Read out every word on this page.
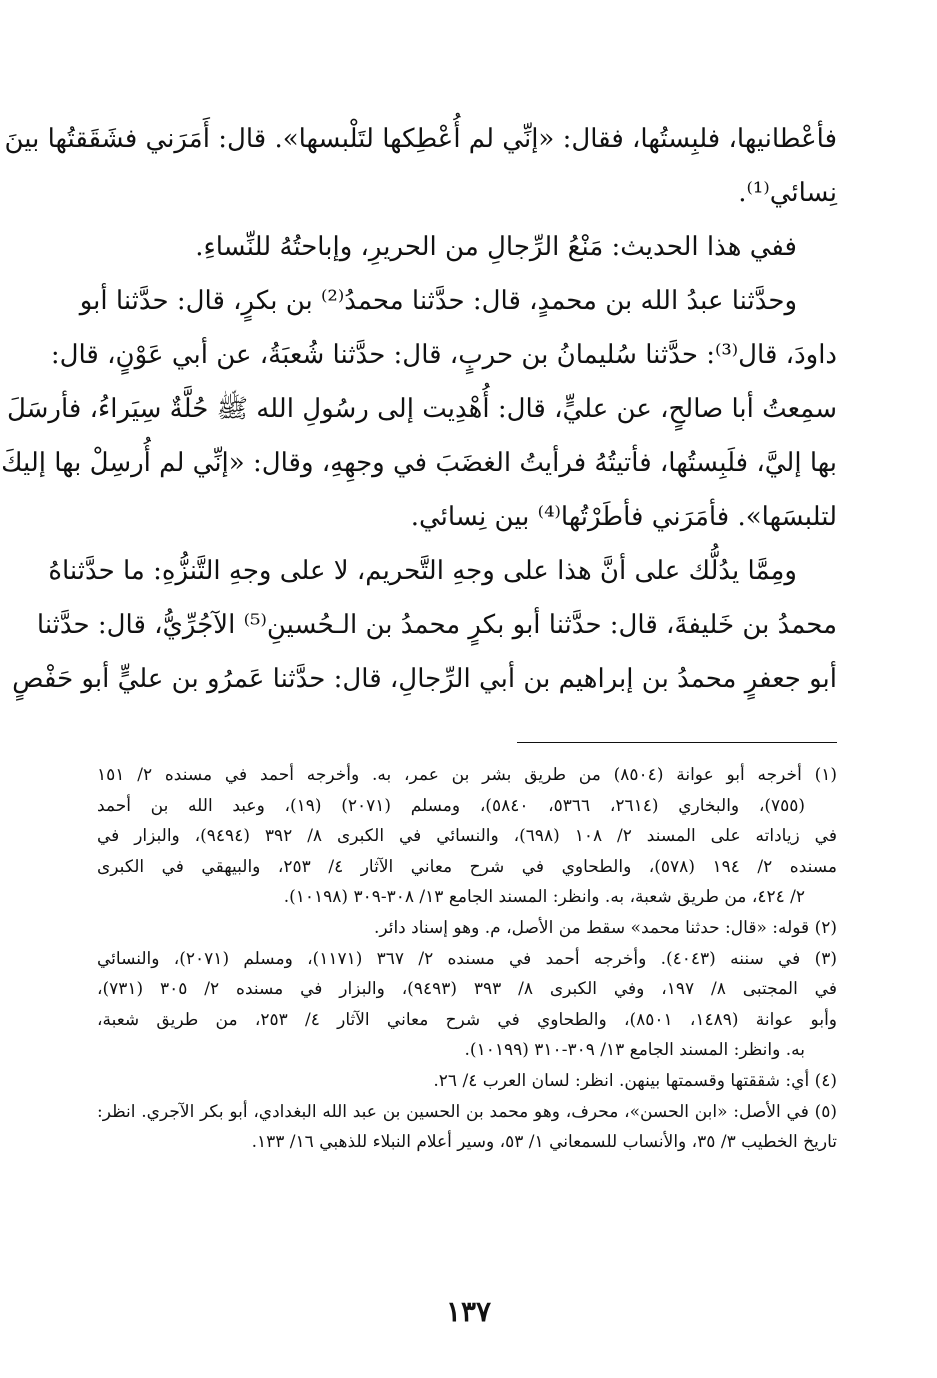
فأعْطانيها، فلبِستُها، فقال: «إنِّي لم أُعْطِكها لتَلْبسها». قال: أَمَرَني فشَقَقتُها بينَ
نِسائي⁽¹⁾.
ففي هذا الحديث: مَنْعُ الرِّجالِ من الحريرِ، وإباحتُهُ للنِّساءِ.
وحدَّثنا عبدُ الله بن محمدٍ، قال: حدَّثنا محمدُ⁽²⁾ بن بكرٍ، قال: حدَّثنا أبو
داودَ، قال⁽³⁾: حدَّثنا سُليمانُ بن حربٍ، قال: حدَّثنا شُعبَةُ، عن أبي عَوْنٍ، قال:
سمِعتُ أبا صالحٍ، عن عليٍّ، قال: أُهْدِيت إلى رسُولِ الله ﷺ حُلَّةٌ سِيَراءُ، فأرسَلَ
بها إليَّ، فلَبِستُها، فأتيتُهُ فرأيتُ الغضَبَ في وجهِهِ، وقال: «إنِّي لم أُرسِلْ بها إليكَ
لتلبسَها». فأمَرَني فأطَرْتُها⁽⁴⁾ بين نِسائي.
ومِمَّا يدُلُّك على أنَّ هذا على وجهِ التَّحريم، لا على وجهِ التَّنزُّهِ: ما حدَّثناهُ
محمدُ بن خَليفةَ، قال: حدَّثنا أبو بكرٍ محمدُ بن الـحُسينِ⁽⁵⁾ الآجُرِّيُّ، قال: حدَّثنا
أبو جعفرٍ محمدُ بن إبراهيم بن أبي الرِّجالِ، قال: حدَّثنا عَمرُو بن عليٍّ أبو حَفْصٍ
(١) أخرجه أبو عوانة (٨٥٠٤) من طريق بشر بن عمر، به. وأخرجه أحمد في مسنده ٢/ ١٥١
(٧٥٥)، والبخاري (٢٦١٤، ٥٣٦٦، ٥٨٤٠)، ومسلم (٢٠٧١) (١٩)، وعبد الله بن أحمد
في زياداته على المسند ٢/ ١٠٨ (٦٩٨)، والنسائي في الكبرى ٨/ ٣٩٢ (٩٤٩٤)، والبزار في
مسنده ٢/ ١٩٤ (٥٧٨)، والطحاوي في شرح معاني الآثار ٤/ ٢٥٣، والبيهقي في الكبرى
٢/ ٤٢٤، من طريق شعبة، به. وانظر: المسند الجامع ١٣/ ٣٠٨-٣٠٩ (١٠١٩٨).
(٢) قوله: «قال: حدثنا محمد» سقط من الأصل، م. وهو إسناد دائر.
(٣) في سننه (٤٠٤٣). وأخرجه أحمد في مسنده ٢/ ٣٦٧ (١١٧١)، ومسلم (٢٠٧١)، والنسائي
في المجتبى ٨/ ١٩٧، وفي الكبرى ٨/ ٣٩٣ (٩٤٩٣)، والبزار في مسنده ٢/ ٣٠٥ (٧٣١)،
وأبو عوانة (١٤٨٩، ٨٥٠١)، والطحاوي في شرح معاني الآثار ٤/ ٢٥٣، من طريق شعبة،
به. وانظر: المسند الجامع ١٣/ ٣٠٩-٣١٠ (١٠١٩٩).
(٤) أي: شققتها وقسمتها بينهن. انظر: لسان العرب ٤/ ٢٦.
(٥) في الأصل: «ابن الحسن»، محرف، وهو محمد بن الحسين بن عبد الله البغدادي، أبو بكر الآجري. انظر:
تاريخ الخطيب ٣/ ٣٥، والأنساب للسمعاني ١/ ٥٣، وسير أعلام النبلاء للذهبي ١٦/ ١٣٣.
١٣٧
